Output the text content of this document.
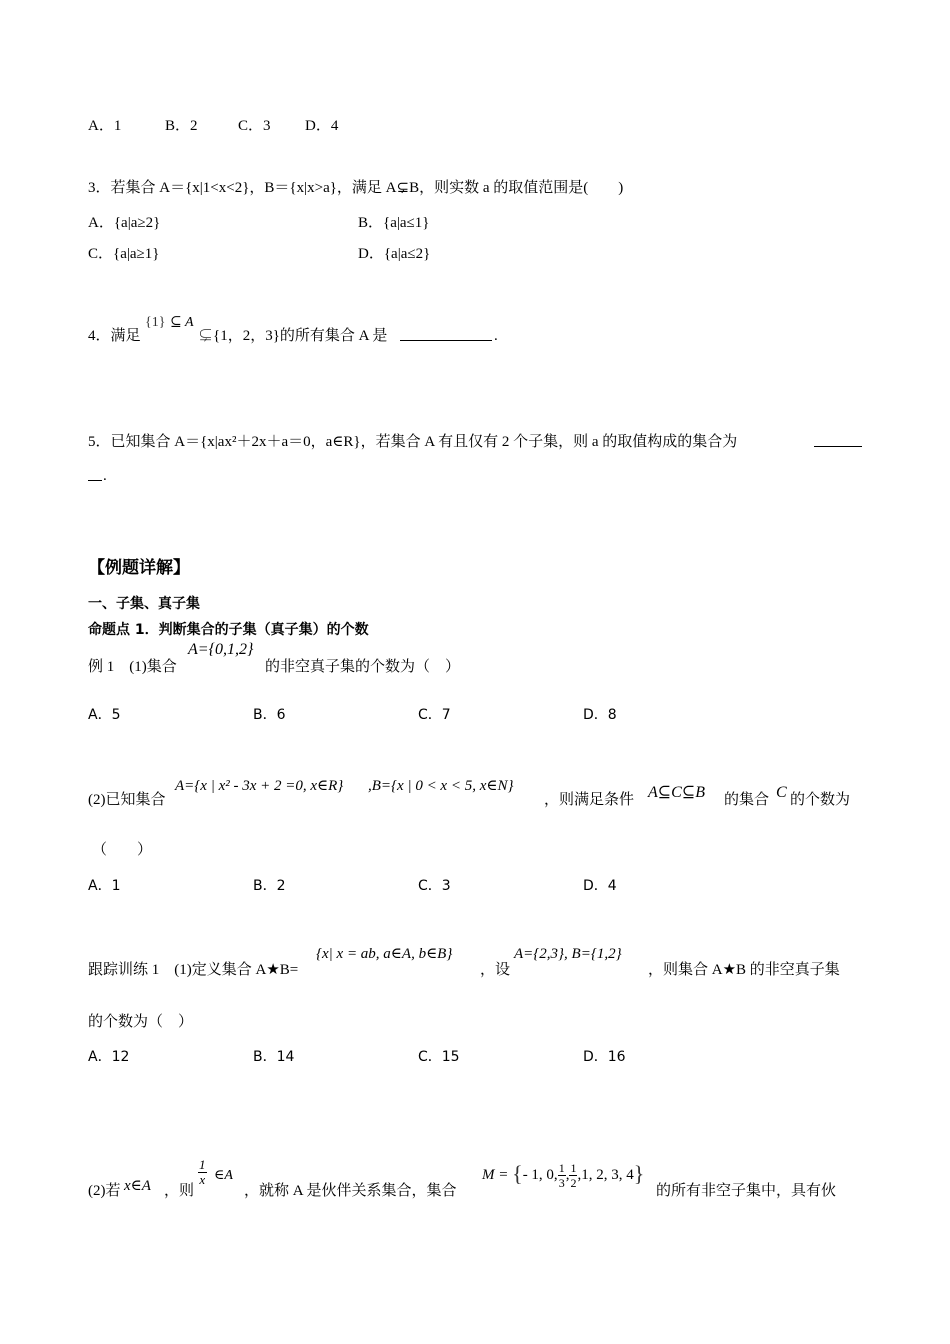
A．1	B．2	C．3 D．4
3．若集合 A＝{x|1<x<2}，B＝{x|x>a}，满足 A⊊B，则实数 a 的取值范围是(　　)
A．{a|a≥2}	B．{a|a≤1}
C．{a|a≥1}	D．{a|a≤2}
4．满足
{1} ⊆ A
⊊{1，2，3}的所有集合 A 是	.
5．已知集合 A＝{x|ax²＋2x＋a＝0，a∈R}，若集合 A 有且仅有 2 个子集，则 a 的取值构成的集合为
.
【例题详解】
一、子集、真子集
命题点 1．判断集合的子集（真子集）的个数
例 1　(1)集合
A={0,1,2}
的非空真子集的个数为（　）
A．5	B．6	C．7	D．8
(2)已知集合
A={x | x² - 3x + 2 =0, x∈R} ,B={x | 0 < x < 5, x∈N}
，则满足条件 A⊆C⊆B 的集合 C 的个数为
（　　）
A．1	B．2	C．3	D．4
跟踪训练 1　(1)定义集合 A★B=
{x| x = ab, a∈A, b∈B}
，设
A={2,3}, B={1,2}
，则集合 A★B 的非空真子集
的个数为（　）
A．12	B．14	C．15	D．16
(2)若 x∈A ，则
$\frac{1}{x}$ ∈A
，就称 A 是伙伴关系集合，集合
M = {- 1, 0, $\frac{1}{3}$ , $\frac{1}{2} ,1$, 2, 3, 4}
的所有非空子集中，具有伙
